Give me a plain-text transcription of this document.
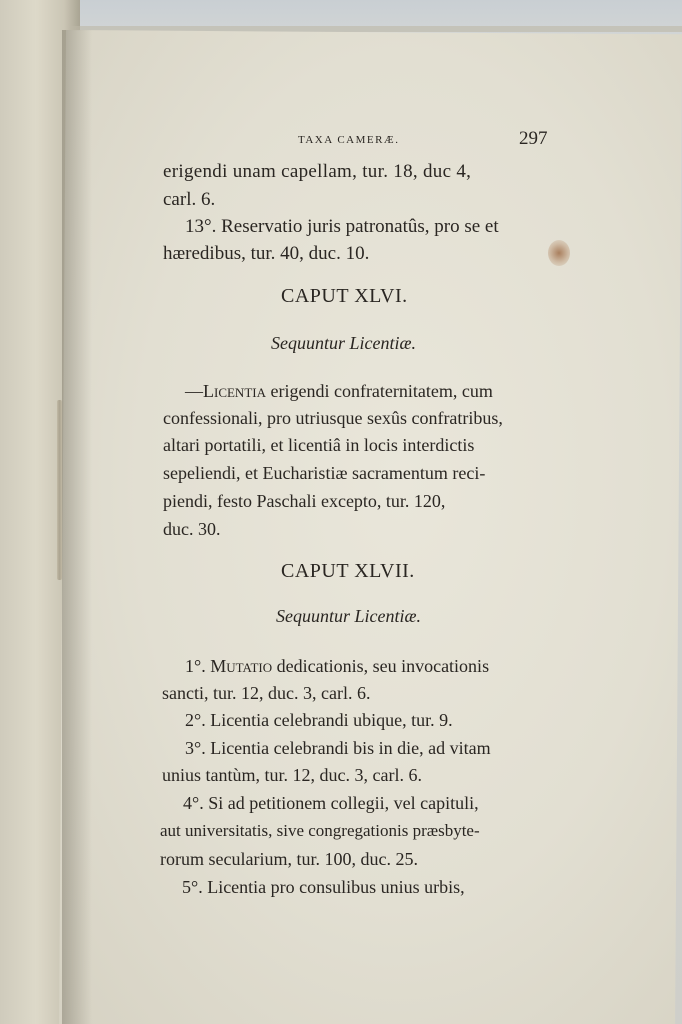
TAXA CAMERÆ.	297
erigendi unam capellam, tur. 18, duc 4,
carl. 6.
13°. Reservatio juris patronatûs, pro se et
hæredibus, tur. 40, duc. 10.
CAPUT XLVI.
Sequuntur Licentiæ.
—Licentia erigendi confraternitatem, cum
confessionali, pro utriusque sexûs confratribus,
altari portatili, et licentiâ in locis interdictis
sepeliendi, et Eucharistiæ sacramentum reci-
piendi, festo Paschali excepto, tur. 120,
duc. 30.
CAPUT XLVII.
Sequuntur Licentiæ.
1°. Mutatio dedicationis, seu invocationis
sancti, tur. 12, duc. 3, carl. 6.
2°. Licentia celebrandi ubique, tur. 9.
3°. Licentia celebrandi bis in die, ad vitam
unius tantùm, tur. 12, duc. 3, carl. 6.
4°. Si ad petitionem collegii, vel capituli,
aut universitatis, sive congregationis præsbyte-
rorum secularium, tur. 100, duc. 25.
5°. Licentia pro consulibus unius urbis,
